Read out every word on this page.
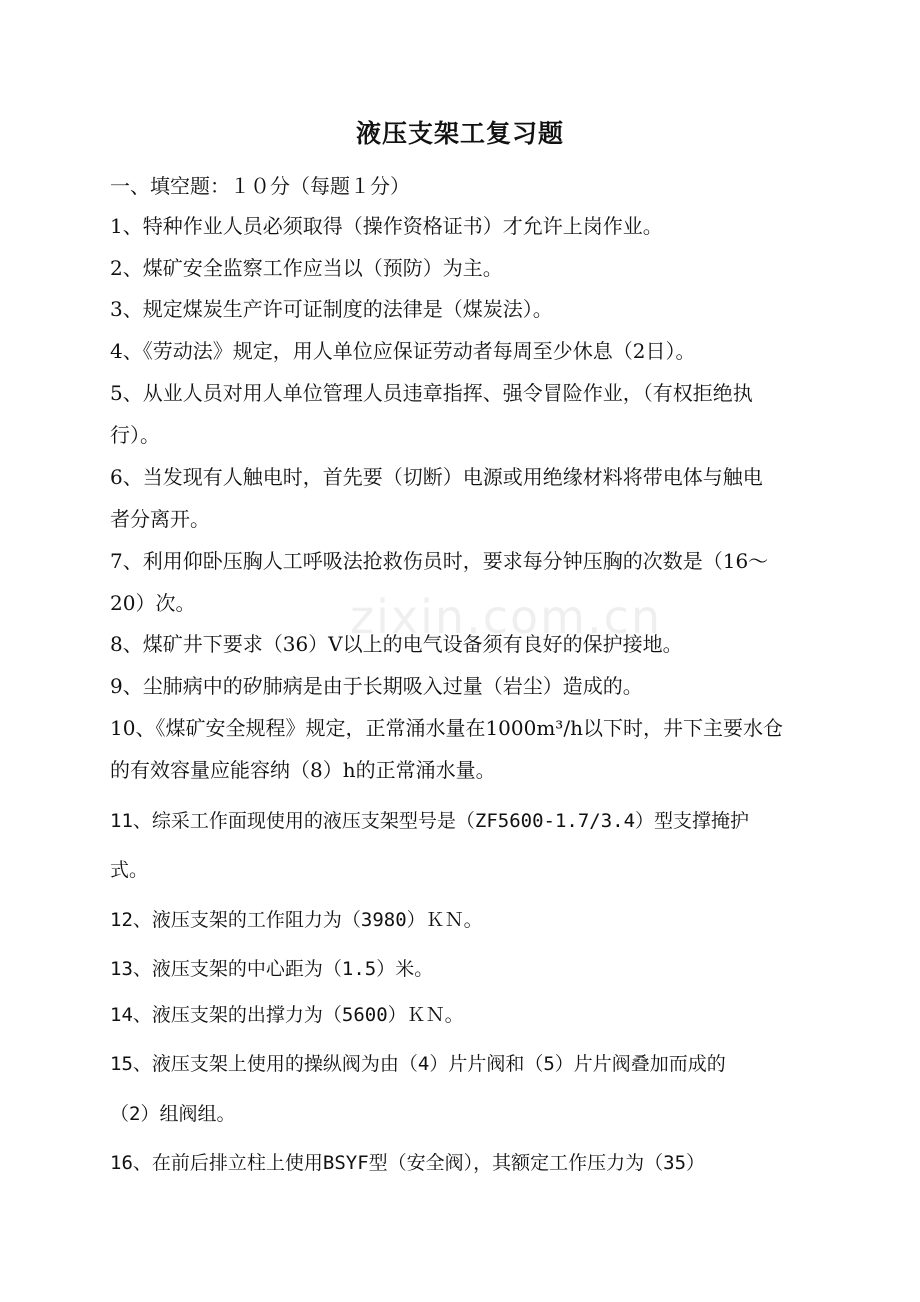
zixin.com.cn
液压支架工复习题
一、填空题：１０分（每题１分）
1、特种作业人员必须取得（操作资格证书）才允许上岗作业。
2、煤矿安全监察工作应当以（预防）为主。
3、规定煤炭生产许可证制度的法律是（煤炭法）。
4、《劳动法》规定，用人单位应保证劳动者每周至少休息（2日）。
5、从业人员对用人单位管理人员违章指挥、强令冒险作业，（有权拒绝执
行）。
6、当发现有人触电时，首先要（切断）电源或用绝缘材料将带电体与触电
者分离开。
7、利用仰卧压胸人工呼吸法抢救伤员时，要求每分钟压胸的次数是（16～
20）次。
8、煤矿井下要求（36）V以上的电气设备须有良好的保护接地。
9、尘肺病中的矽肺病是由于长期吸入过量（岩尘）造成的。
10、《煤矿安全规程》规定，正常涌水量在1000m³/h以下时，井下主要水仓
的有效容量应能容纳（8）h的正常涌水量。
11、综采工作面现使用的液压支架型号是（ZF5600-1.7/3.4）型支撑掩护
式。
12、液压支架的工作阻力为（3980）ＫＮ。
13、液压支架的中心距为（1.5）米。
14、液压支架的出撑力为（5600）ＫＮ。
15、液压支架上使用的操纵阀为由（4）片片阀和（5）片片阀叠加而成的
（2）组阀组。
16、在前后排立柱上使用BSYF型（安全阀），其额定工作压力为（35）
